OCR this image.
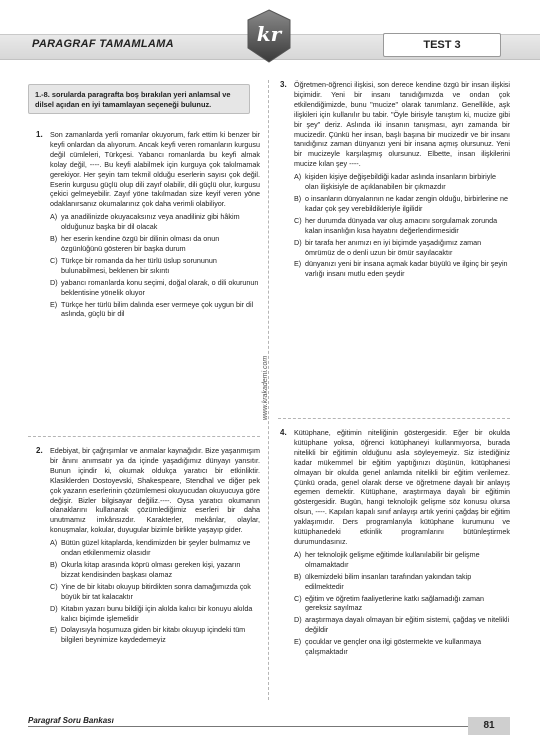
PARAGRAF TAMAMLAMA	kr	TEST 3
1.-8. sorularda paragrafta boş bırakılan yeri anlamsal ve dilsel açıdan en iyi tamamlayan seçeneği bulunuz.
www.krakademi.com
1. Son zamanlarda yerli romanlar okuyorum, fark ettim ki benzer bir keyfi onlardan da alıyorum. Ancak keyfi veren romanların kurgusu değil cümleleri, Türkçesi. Yabancı romanlarda bu keyfi almak kolay değil, ----. Bu keyfi alabilmek için kurguya çok takılmamak gerekiyor. Her şeyin tam tekmil olduğu eserlerin sayısı çok değil. Eserin kurgusu güçlü olup dili zayıf olabilir, dili güçlü olur, kurgusu çekici gelmeyebilir. Zayıf yöne takılmadan size keyif veren yöne odaklanırsanız okumalarınız çok daha verimli olabiliyor.
A) ya anadilinizde okuyacaksınız veya anadiliniz gibi hâkim olduğunuz başka bir dil olacak
B) her eserin kendine özgü bir dilinin olması da onun özgünlüğünü gösteren bir başka durum
C) Türkçe bir romanda da her türlü üslup sorununun bulunabilmesi, beklenen bir sıkıntı
D) yabancı romanlarda konu seçimi, doğal olarak, o dili okurunun beklentisine yönelik oluyor
E) Türkçe her türlü bilim dalında eser vermeye çok uygun bir dil aslında, güçlü bir dil
2. Edebiyat, bir çağrışımlar ve anmalar kaynağıdır. Bize yaşanmışım bir ânını anımsatır ya da içinde yaşadığımız dünyayı yansıtır. Bunun içindir ki, okumak oldukça yaratıcı bir etkinliktir. Klasiklerden Dostoyevski, Shakespeare, Stendhal ve diğer pek çok yazarın eserlerinin çözümlemesi okuyucudan okuyucuya göre değişir. Bizler bilgisayar değiliz.----. Oysa yaratıcı okumanın olanaklarını kullanarak çözümlediğimiz eserleri bir daha unutmamız imkânsızdır. Karakterler, mekânlar, olaylar, konuşmalar, kokular, duyugular bizimle birlikte yaşayıp gider.
A) Bütün güzel kitaplarda, kendimizden bir şeyler bulmamız ve ondan etkilenmemiz olasıdır
B) Okurla kitap arasında köprü olması gereken kişi, yazarın bizzat kendisinden başkası olamaz
C) Yine de bir kitabı okuyup bitirdikten sonra damağımızda çok büyük bir tat kalacaktır
D) Kitabın yazarı bunu bildiği için akılda kalıcı bir konuyu akılda kalıcı biçimde işlemelidir
E) Dolayısıyla hoşumuza giden bir kitabı okuyup içindeki tüm bilgileri beynimize kaydedemeyiz
3. Öğretmen-öğrenci ilişkisi, son derece kendine özgü bir insan ilişkisi biçimidir. Yeni bir insanı tanıdığımızda ve ondan çok etkilendiğimizde, bunu "mucize" olarak tanımlarız. Genellikle, aşk ilişkileri için kullanılır bu tabir. "Öyle birisyle tanıştım ki, mucize gibi bir şey" deriz. Aslında iki insanın tanışması, ayrı zamanda bir mucizedir. Çünkü her insan, başlı başına bir mucizedir ve bir insanı tanıdığınız zaman dünyanızı yeni bir insana açmış olursunuz. Yeni bir mucizeyle karşılaşmış olursunuz. Elbette, insan ilişkilerini mucize kılan şey ----.
A) kişiden kişiye değişebildiği kadar aslında insanların birbiriyle olan ilişkisiyle de açıklanabilen bir çıkmazdır
B) o insanların dünyalarının ne kadar zengin olduğu, birbirlerine ne kadar çok şey verebildikleriyle ilgilidir
C) her durumda dünyada var oluş amacını sorgulamak zorunda kalan insanlığın kısa hayatını değerlendirmesidir
D) bir tarafa her anımızı en iyi biçimde yaşadığımız zaman ömrümüz de o denli uzun bir ömür sayılacaktır
E) dünyanızı yeni bir insana açmak kadar büyülü ve ilginç bir şeyin varlığı insanı mutlu eden şeydir
4. Kütüphane, eğitimin niteliğinin göstergesidir. Eğer bir okulda kütüphane yoksa, öğrenci kütüphaneyi kullanmıyorsa, burada nitelikli bir eğitimin olduğunu asla söyleyemeyiz. Siz istediğiniz kadar mükemmel bir eğitim yaptığınızı düşünün, kütüphanesi olmayan bir okulda genel anlamda nitelikli bir eğitim verilemez. Çünkü orada, genel olarak derse ve öğretmene dayalı bir anlayış egemen demektir. Kütüphane, araştırmaya dayalı bir eğitimin göstergesidir. Bugün, hangi teknolojik gelişme söz konusu olursa olsun, ----. Kapıları kapalı sınıf anlayışı artık yerini çağdaş bir eğitim yaklaşımıdır. Ders programlarıyla kütüphane kurumunu ve kütüphanedeki etkinlik programlarını bütünleştirmek durumundasınız.
A) her teknolojik gelişme eğitimde kullanılabilir bir gelişme olmamaktadır
B) ülkemizdeki bilim insanları tarafından yakından takip edilmektedir
C) eğitim ve öğretim faaliyetlerine katkı sağlamadığı zaman gereksiz sayılmaz
D) araştırmaya dayalı olmayan bir eğitim sistemi, çağdaş ve nitelikli değildir
E) çocuklar ve gençler ona ilgi göstermekte ve kullanmaya çalışmaktadır
Paragraf Soru Bankası	81
